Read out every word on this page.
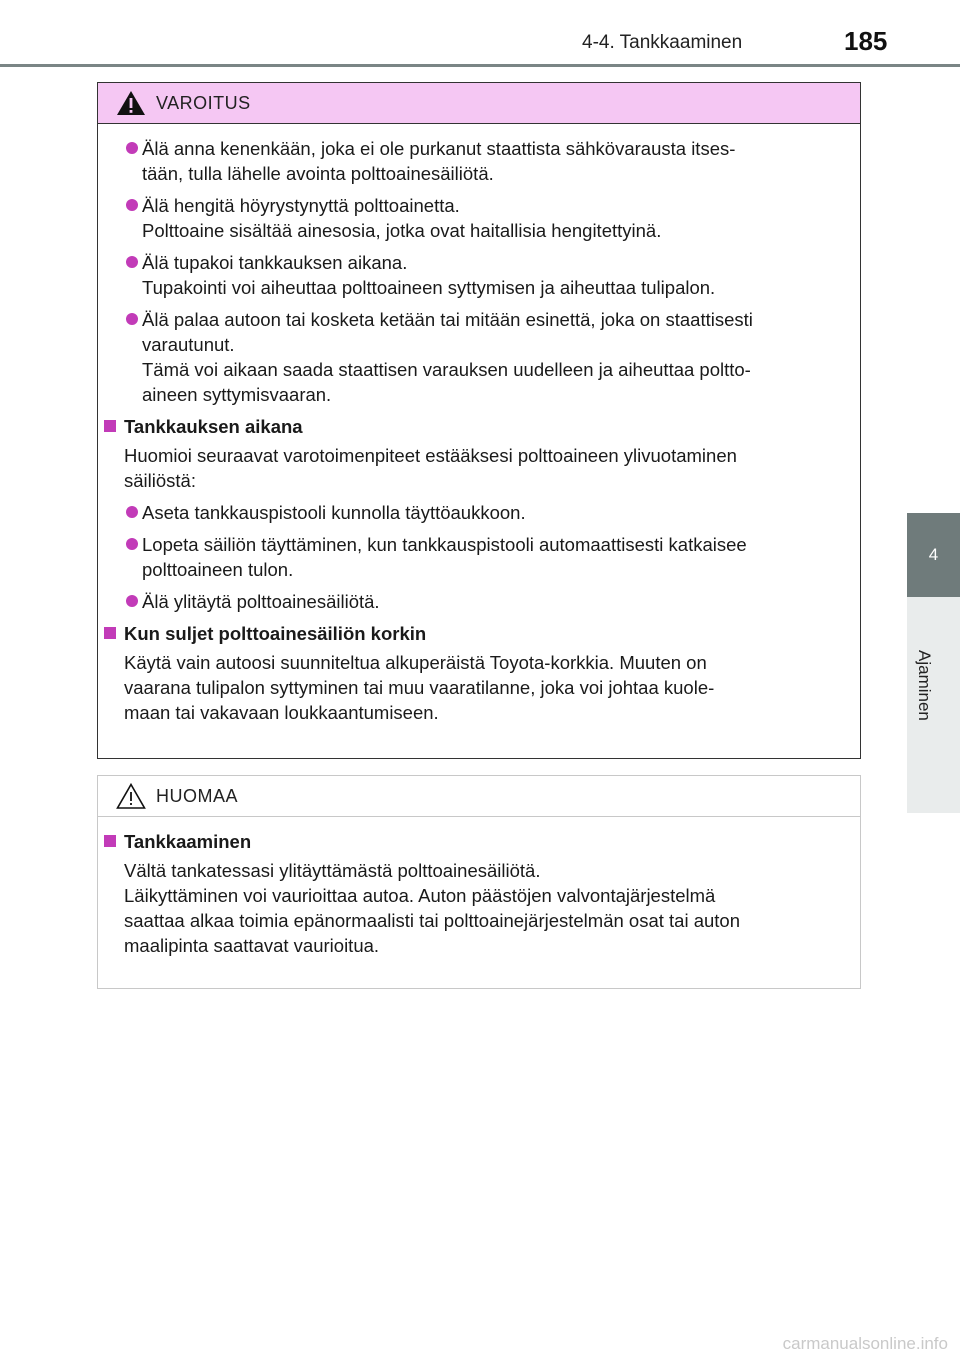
4-4. Tankkaaminen	185
4
Ajaminen
VAROITUS
Älä anna kenenkään, joka ei ole purkanut staattista sähkövarausta itses-
tään, tulla lähelle avointa polttoainesäiliötä.
Älä hengitä höyrystynyttä polttoainetta.
Polttoaine sisältää ainesosia, jotka ovat haitallisia hengitettyinä.
Älä tupakoi tankkauksen aikana.
Tupakointi voi aiheuttaa polttoaineen syttymisen ja aiheuttaa tulipalon.
Älä palaa autoon tai kosketa ketään tai mitään esinettä, joka on staattisesti
varautunut.
Tämä voi aikaan saada staattisen varauksen uudelleen ja aiheuttaa poltto-
aineen syttymisvaaran.
Tankkauksen aikana
Huomioi seuraavat varotoimenpiteet estääksesi polttoaineen ylivuotaminen
säiliöstä:
Aseta tankkauspistooli kunnolla täyttöaukkoon.
Lopeta säiliön täyttäminen, kun tankkauspistooli automaattisesti katkaisee
polttoaineen tulon.
Älä ylitäytä polttoainesäiliötä.
Kun suljet polttoainesäiliön korkin
Käytä vain autoosi suunniteltua alkuperäistä Toyota-korkkia. Muuten on
vaarana tulipalon syttyminen tai muu vaaratilanne, joka voi johtaa kuole-
maan tai vakavaan loukkaantumiseen.
HUOMAA
Tankkaaminen
Vältä tankatessasi ylitäyttämästä polttoainesäiliötä.
Läikyttäminen voi vaurioittaa autoa. Auton päästöjen valvontajärjestelmä
saattaa alkaa toimia epänormaalisti tai polttoainejärjestelmän osat tai auton
maalipinta saattavat vaurioitua.
carmanualsonline.info
